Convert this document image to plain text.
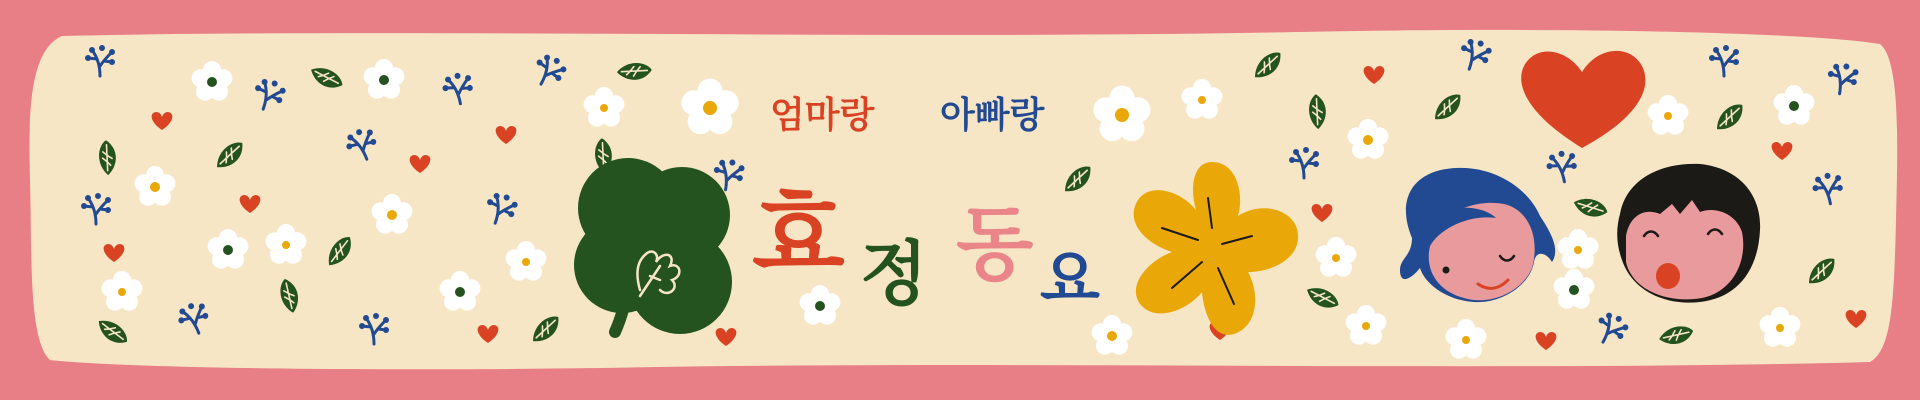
엄마랑 아빠랑
효 정 동 요
